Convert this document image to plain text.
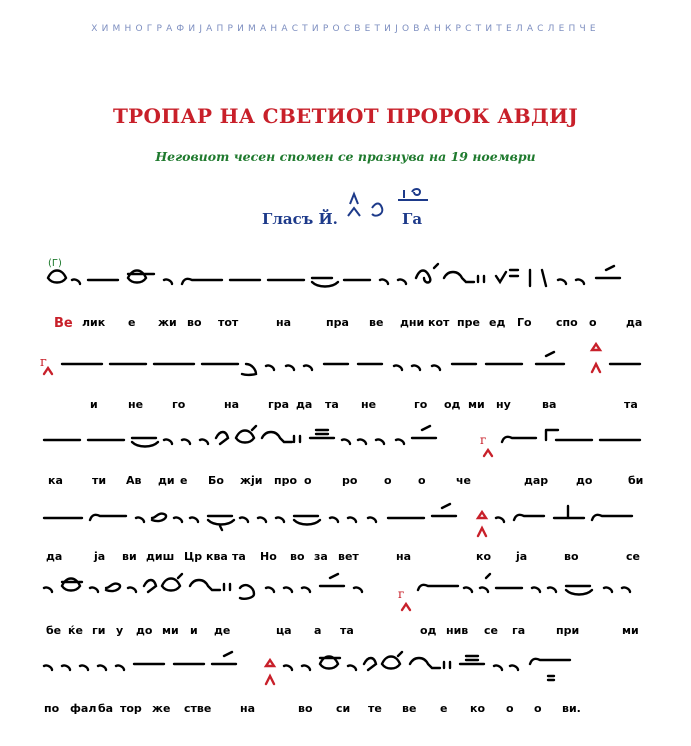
ХИМНОГРАФИЈАПРИМАНАСТИРОСВЕТИЈОВАНКРСТИТЕЛАСЛЕПЧЕ
ТРОПАР НА СВЕТИОТ ПРОРОК АВДИЈ
Неговиот чесен спомен се празнува на 19 ноември
Гласъ Й.	Га
(Г)
Ве лик е жи во тот	на	пра ве дни кот пре ед Го спо о	да
ᴦ
и	не	го	на	гра да та не	го од ми ну	ва	та
ᴦ
ка	ти Ав ди е Бо жји про о	ро о о	че	дар	до	би
да	ја ви диш Цр ква та Но во за вет	на	ко ја	во	се
ᴦ
бе ќе ги у до ми и де	ца а та	од нив се га	при	ми
по фал ба тор же стве	на	во си те ве е ко о о ви.
